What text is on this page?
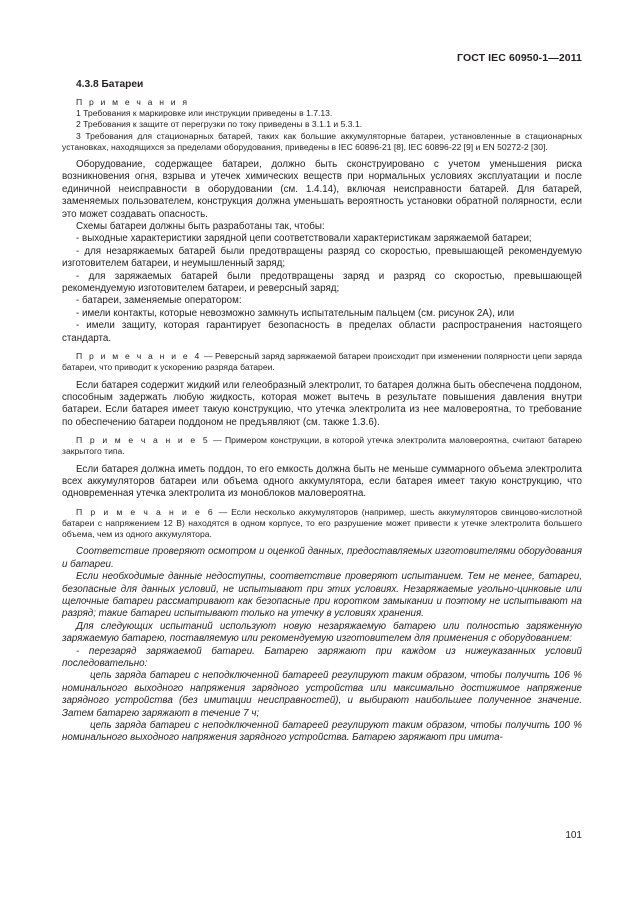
ГОСТ IEC 60950-1—2011
4.3.8 Батареи
П р и м е ч а н и я

1 Требования к маркировке или инструкции приведены в 1.7.13.

2 Требования к защите от перегрузки по току приведены в 3.1.1 и 5.3.1.

3 Требования для стационарных батарей, таких как большие аккумуляторные батареи, установленные в стационарных установках, находящихся за пределами оборудования, приведены в IEC 60896-21 [8], IEC 60896-22 [9] и EN 50272-2 [30].

Оборудование, содержащее батареи, должно быть сконструировано с учетом уменьшения риска возникновения огня, взрыва и утечек химических веществ при нормальных условиях эксплуатации и после единичной неисправности в оборудовании (см. 1.4.14), включая неисправности батарей. Для батарей, заменяемых пользователем, конструкция должна уменьшать вероятность установки обратной полярности, если это может создавать опасность.

Схемы батареи должны быть разработаны так, чтобы:

- выходные характеристики зарядной цепи соответствовали характеристикам заряжаемой батареи;

- для незаряжаемых батарей были предотвращены разряд со скоростью, превышающей рекомендуемую изготовителем батареи, и неумышленный заряд;

- для заряжаемых батарей были предотвращены заряд и разряд со скоростью, превышающей рекомендуемую изготовителем батареи, и реверсный заряд;

- батареи, заменяемые оператором:

- имели контакты, которые невозможно замкнуть испытательным пальцем (см. рисунок 2А), или

- имели защиту, которая гарантирует безопасность в пределах области распространения настоящего стандарта.

П р и м е ч а н и е 4 — Реверсный заряд заряжаемой батареи происходит при изменении полярности цепи заряда батареи, что приводит к ускорению разряда батареи.

Если батарея содержит жидкий или гелеобразный электролит, то батарея должна быть обеспечена поддоном, способным задержать любую жидкость, которая может вытечь в результате повышения давления внутри батареи. Если батарея имеет такую конструкцию, что утечка электролита из нее маловероятна, то требование по обеспечению батареи поддоном не предъявляют (см. также 1.3.6).

П р и м е ч а н и е 5 — Примером конструкции, в которой утечка электролита маловероятна, считают батарею закрытого типа.

Если батарея должна иметь поддон, то его емкость должна быть не меньше суммарного объема электролита всех аккумуляторов батареи или объема одного аккумулятора, если батарея имеет такую конструкцию, что одновременная утечка электролита из моноблоков маловероятна.

П р и м е ч а н и е 6 — Если несколько аккумуляторов (например, шесть аккумуляторов свинцово-кислотной батареи с напряжением 12 В) находятся в одном корпусе, то его разрушение может привести к утечке электролита большего объема, чем из одного аккумулятора.

Соответствие проверяют осмотром и оценкой данных, предоставляемых изготовителями оборудования и батареи.

Если необходимые данные недоступны, соответствие проверяют испытанием. Тем не менее, батареи, безопасные для данных условий, не испытывают при этих условиях. Незаряжаемые угольно-цинковые или щелочные батареи рассматривают как безопасные при коротком замыкании и поэтому не испытывают на разряд; такие батареи испытывают только на утечку в условиях хранения.

Для следующих испытаний используют новую незаряжаемую батарею или полностью заряженную заряжаемую батарею, поставляемую или рекомендуемую изготовителем для применения с оборудованием:

- перезаряд заряжаемой батареи. Батарею заряжают при каждом из нижеуказанных условий последовательно:

цепь заряда батареи с неподключенной батареей регулируют таким образом, чтобы получить 106 % номинального выходного напряжения зарядного устройства или максимально достижимое напряжение зарядного устройства (без имитации неисправностей), и выбирают наибольшее полученное значение. Затем батарею заряжают в течение 7 ч;

цепь заряда батареи с неподключенной батареей регулируют таким образом, чтобы получить 100 % номинального выходного напряжения зарядного устройства. Батарею заряжают при имита-

101
